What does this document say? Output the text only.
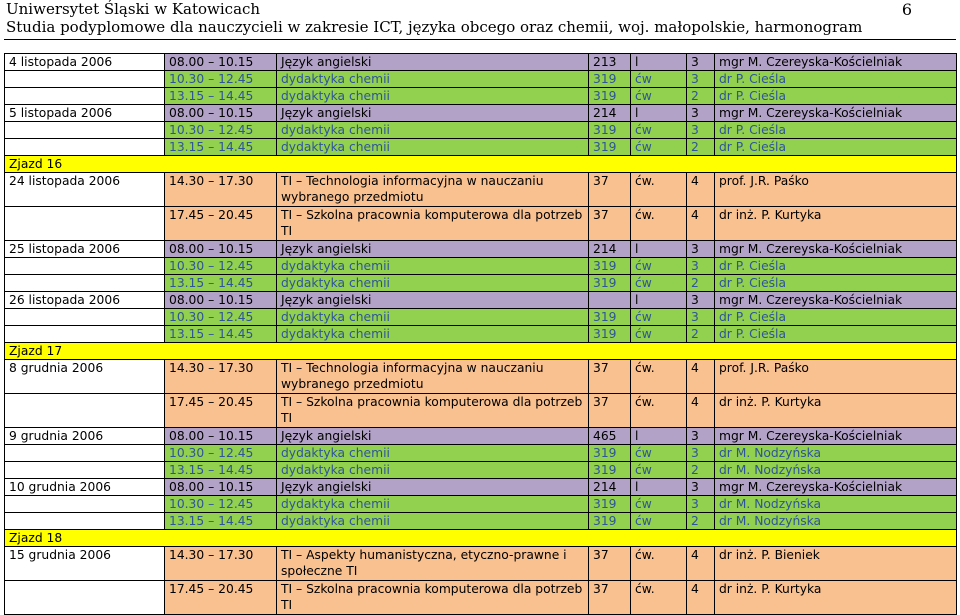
Uniwersytet Śląski w Katowicach
Studia podyplomowe dla nauczycieli w zakresie ICT, języka obcego oraz chemii, woj. małopolskie, harmonogram
6
4 listopada 2006	08.00 – 10.15	Język angielski	213	l	3	mgr M. Czereyska-Kościelniak
	10.30 – 12.45	dydaktyka chemii	319	ćw	3	dr P. Cieśla
	13.15 – 14.45	dydaktyka chemii	319	ćw	2	dr P. Cieśla
5 listopada 2006	08.00 – 10.15	Język angielski	214	l	3	mgr M. Czereyska-Kościelniak
	10.30 – 12.45	dydaktyka chemii	319	ćw	3	dr P. Cieśla
	13.15 – 14.45	dydaktyka chemii	319	ćw	2	dr P. Cieśla
Zjazd 16						
24 listopada 2006	14.30 – 17.30	TI – Technologia informacyjna w nauczaniu wybranego przedmiotu	37	ćw.	4	prof. J.R. Paśko
	17.45 – 20.45	TI – Szkolna pracownia komputerowa dla potrzeb TI	37	ćw.	4	dr inż. P. Kurtyka
25 listopada 2006	08.00 – 10.15	Język angielski	214	l	3	mgr M. Czereyska-Kościelniak
	10.30 – 12.45	dydaktyka chemii	319	ćw	3	dr P. Cieśla
	13.15 – 14.45	dydaktyka chemii	319	ćw	2	dr P. Cieśla
26 listopada 2006	08.00 – 10.15	Język angielski		l	3	mgr M. Czereyska-Kościelniak
	10.30 – 12.45	dydaktyka chemii	319	ćw	3	dr P. Cieśla
	13.15 – 14.45	dydaktyka chemii	319	ćw	2	dr P. Cieśla
Zjazd 17						
8 grudnia 2006	14.30 – 17.30	TI – Technologia informacyjna w nauczaniu wybranego przedmiotu	37	ćw.	4	prof. J.R. Paśko
	17.45 – 20.45	TI – Szkolna pracownia komputerowa dla potrzeb TI	37	ćw.	4	dr inż. P. Kurtyka
9 grudnia 2006	08.00 – 10.15	Język angielski	465	l	3	mgr M. Czereyska-Kościelniak
	10.30 – 12.45	dydaktyka chemii	319	ćw	3	dr M. Nodzyńska
	13.15 – 14.45	dydaktyka chemii	319	ćw	2	dr M. Nodzyńska
10 grudnia 2006	08.00 – 10.15	Język angielski	214	l	3	mgr M. Czereyska-Kościelniak
	10.30 – 12.45	dydaktyka chemii	319	ćw	3	dr M. Nodzyńska
	13.15 – 14.45	dydaktyka chemii	319	ćw	2	dr M. Nodzyńska
Zjazd 18						
15 grudnia 2006	14.30 – 17.30	TI – Aspekty humanistyczna, etyczno-prawne i społeczne TI	37	ćw.	4	dr inż. P. Bieniek
	17.45 – 20.45	TI – Szkolna pracownia komputerowa dla potrzeb TI	37	ćw.	4	dr inż. P. Kurtyka
